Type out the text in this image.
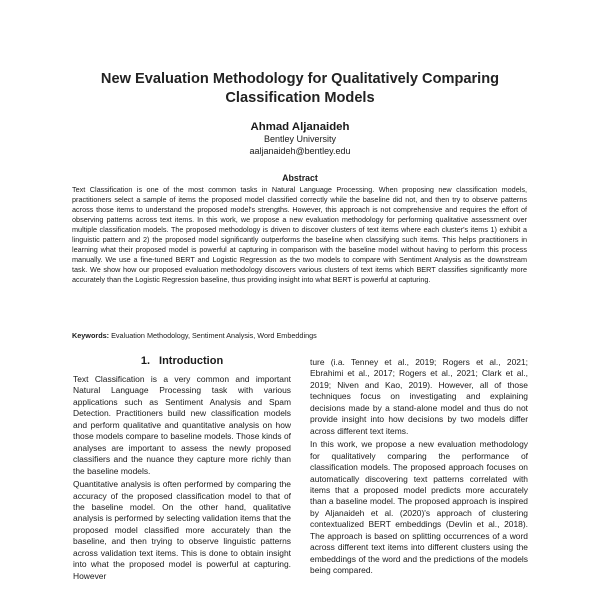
New Evaluation Methodology for Qualitatively Comparing Classification Models
Ahmad Aljanaideh
Bentley University
aaljanaideh@bentley.edu
Abstract

Text Classification is one of the most common tasks in Natural Language Processing. When proposing new classification models, practitioners select a sample of items the proposed model classified correctly while the baseline did not, and then try to observe patterns across those items to understand the proposed model's strengths. However, this approach is not comprehensive and requires the effort of observing patterns across text items. In this work, we propose a new evaluation methodology for performing qualitative assessment over multiple classification models. The proposed methodology is driven to discover clusters of text items where each cluster's items 1) exhibit a linguistic pattern and 2) the proposed model significantly outperforms the baseline when classifying such items. This helps practitioners in learning what their proposed model is powerful at capturing in comparison with the baseline model without having to perform this process manually. We use a fine-tuned BERT and Logistic Regression as the two models to compare with Sentiment Analysis as the downstream task. We show how our proposed evaluation methodology discovers various clusters of text items which BERT classifies significantly more accurately than the Logistic Regression baseline, thus providing insight into what BERT is powerful at capturing.

Keywords: Evaluation Methodology, Sentiment Analysis, Word Embeddings
1. Introduction

Text Classification is a very common and important Natural Language Processing task with various applications such as Sentiment Analysis and Spam Detection. Practitioners build new classification models and perform qualitative and quantitative analysis on how those models compare to baseline models. Those kinds of analyses are important to assess the newly proposed classifiers and the nuance they capture more richly than the baseline models.

Quantitative analysis is often performed by comparing the accuracy of the proposed classification model to that of the baseline model. On the other hand, qualitative analysis is performed by selecting validation items that the proposed model classified more accurately than the baseline, and then trying to observe linguistic patterns across validation text items. This is done to obtain insight into what the proposed model is powerful at capturing. However

ture (i.a. Tenney et al., 2019; Rogers et al., 2021; Ebrahimi et al., 2017; Rogers et al., 2021; Clark et al., 2019; Niven and Kao, 2019). However, all of those techniques focus on investigating and explaining decisions made by a stand-alone model and thus do not provide insight into how decisions by two models differ across different text items.

In this work, we propose a new evaluation methodology for qualitatively comparing the performance of classification models. The proposed approach focuses on automatically discovering text patterns correlated with items that a proposed model predicts more accurately than a baseline model. The proposed approach is inspired by Aljanaideh et al. (2020)'s approach of clustering contextualized BERT embeddings (Devlin et al., 2018). The approach is based on splitting occurrences of a word across different text items into different clusters using the embeddings of the word and the predictions of the models being compared.
